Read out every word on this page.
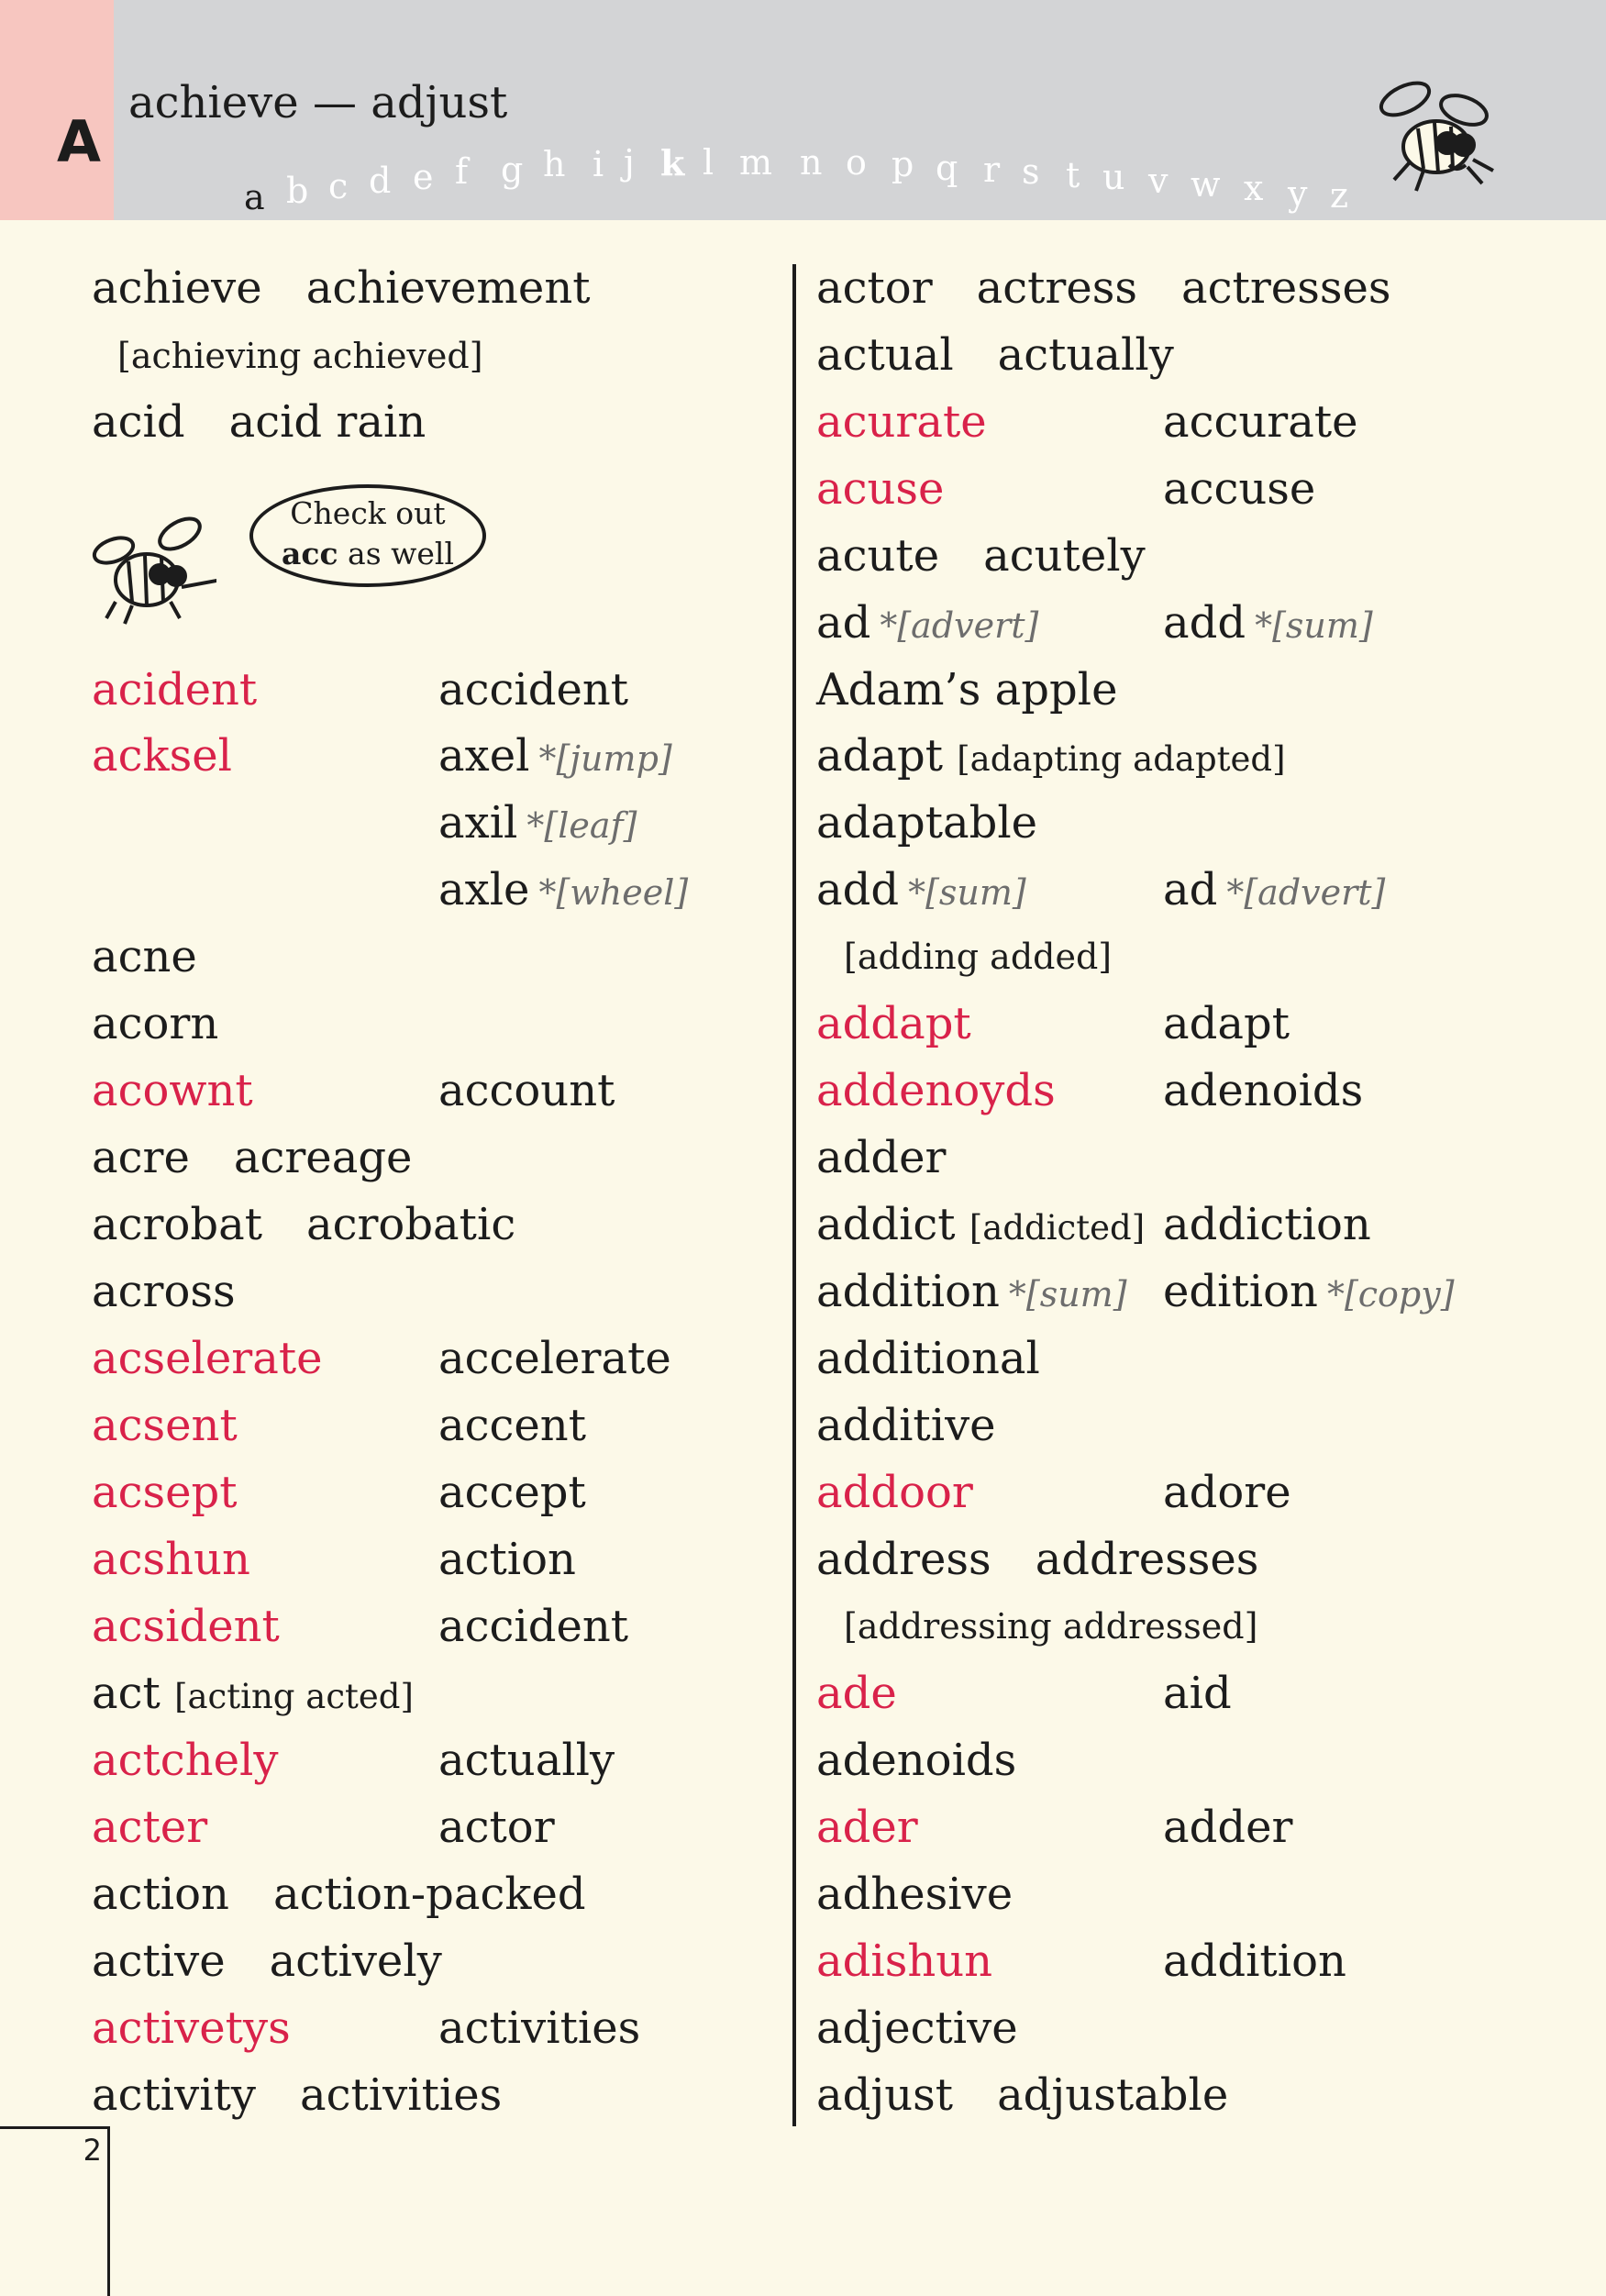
A
achieve — adjust
a b c d e f g h i j k l m n o p q r s t u v w x y z
achieve achievement
[achieving achieved]
acid acid rain
Check out
acc as well
acident	accident
acksel	axel *[jump]
axil *[leaf]
axle *[wheel]
acne
acorn
acownt	account
acre acreage
acrobat acrobatic
across
acselerate	accelerate
acsent	accent
acsept	accept
acshun	action
acsident	accident
act [acting acted]
actchely	actually
acter	actor
action action-packed
active actively
activetys	activities
activity activities
actor actress actresses
actual actually
acurate	accurate
acuse	accuse
acute acutely
ad *[advert]	add *[sum]
Adam’s apple
adapt [adapting adapted]
adaptable
add *[sum]	ad *[advert]
[adding added]
addapt	adapt
addenoyds adenoids
adder
addict [addicted] addiction
addition *[sum] edition *[copy]
additional
additive
addoor	adore
address addresses
[addressing addressed]
ade	aid
adenoids
ader	adder
adhesive
adishun	addition
adjective
adjust adjustable
2
